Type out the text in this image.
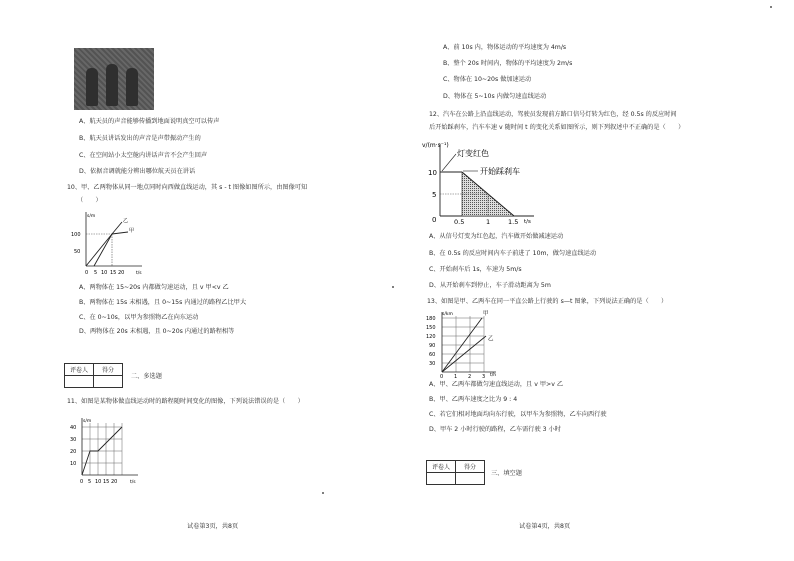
A、航天员的声音能够传播到地面说明真空可以传声
B、航天员讲话发出的声音是声带振动产生的
C、在空间站小太空舱内讲话声音不会产生回声
D、依据音调就能分辨出哪位航天员在讲话
10、甲、乙两物体从同一地点同时向西做直线运动，其 s - t 图像如图所示，由图像可知
（　　）
s/m
t/s
100
50
0 5 10 15 20
乙
甲
A、两物体在 15~20s 内都做匀速运动，且 v 甲<v 乙
B、两物体在 15s 末相遇，且 0~15s 内通过的路程乙比甲大
C、在 0~10s，以甲为参照物乙在向东运动
D、两物体在 20s 末相遇，且 0~20s 内通过的路程相等
评卷人	得分

二、多选题
11、如图是某物体做直线运动时的路程随时间变化的图像，下列说法错误的是（　　）
s/m
t/s
40
30
20
10
0 5 10 15 20
试卷第3页，共8页
A、前 10s 内，物体运动的平均速度为 4m/s
B、整个 20s 时间内，物体的平均速度为 2m/s
C、物体在 10~20s 做加速运动
D、物体在 5~10s 内做匀速直线运动
12、汽车在公路上沿直线运动，驾驶员发现前方路口信号灯转为红色，经 0.5s 的反应时间
后开始踩刹车，汽车车速 v 随时间 t 的变化关系如图所示，则下列叙述中不正确的是（　　）
v/(m·s⁻¹)
t/s
10
5
0	0.5	1	1.5
灯变红色
开始踩刹车
A、从信号灯变为红色起，汽车做开始做减速运动
B、在 0.5s 的反应时间内车子前进了 10m，做匀速直线运动
C、开始刹车后 1s，车速为 5m/s
D、从开始刹车到停止，车子滑动距离为 5m
13、如图是甲、乙两车在同一平直公路上行驶的 s—t 图象，下列说法正确的是（　　）
s/km
t/h
180
150
120
90
60
30
0 1 2 3
甲
乙
A、甲、乙两车都做匀速直线运动，且 v 甲>v 乙
B、甲、乙两车速度之比为 9 : 4
C、若它们相对地面均向东行驶，以甲车为参照物，乙车向西行驶
D、甲车 2 小时行驶的路程，乙车需行驶 3 小时
评卷人	得分

三、填空题
试卷第4页，共8页
